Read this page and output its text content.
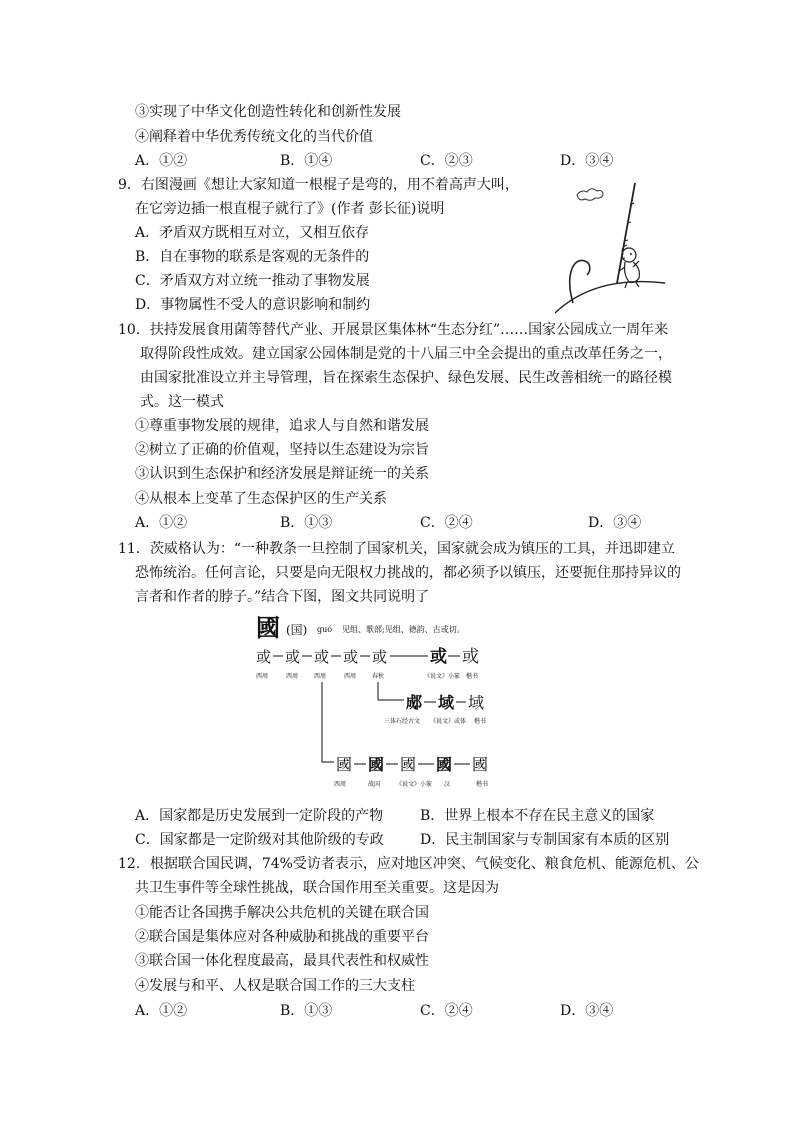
③实现了中华文化创造性转化和创新性发展
④阐释着中华优秀传统文化的当代价值
A．①②	B．①④	C．②③	D．③④
9．右图漫画《想让大家知道一根棍子是弯的，用不着高声大叫，
在它旁边插一根直棍子就行了》(作者 彭长征)说明
A．矛盾双方既相互对立，又相互依存
B．自在事物的联系是客观的无条件的
C．矛盾双方对立统一推动了事物发展
D．事物属性不受人的意识影响和制约
10．扶持发展食用菌等替代产业、开展景区集体林“生态分红”……国家公园成立一周年来
取得阶段性成效。建立国家公园体制是党的十八届三中全会提出的重点改革任务之一，
由国家批准设立并主导管理，旨在探索生态保护、绿色发展、民生改善相统一的路径模
式。这一模式
①尊重事物发展的规律，追求人与自然和谐发展
②树立了正确的价值观，坚持以生态建设为宗旨
③认识到生态保护和经济发展是辩证统一的关系
④从根本上变革了生态保护区的生产关系
A．①②	B．①③	C．②④	D．③④
11．茨威格认为：“一种教条一旦控制了国家机关，国家就会成为镇压的工具，并迅即建立
恐怖统治。任何言论，只要是向无限权力挑战的，都必须予以镇压，还要扼住那持异议的
言者和作者的脖子。”结合下图，图文共同说明了
國 (国) guó 见组、歌部;见组、德韵、古或切。
或 或 或 或 或	或 或
西周	西周	西周	西周	春秋	《说文》小篆 楷书
郕 域 域
三体石经古文 《说文》或体 楷书
國 國 國 國 國
西周	战国	《说文》小篆 汉	楷书
A．国家都是历史发展到一定阶段的产物	B．世界上根本不存在民主意义的国家
C．国家都是一定阶级对其他阶级的专政	D．民主制国家与专制国家有本质的区别
12．根据联合国民调，74%受访者表示，应对地区冲突、气候变化、粮食危机、能源危机、公
共卫生事件等全球性挑战，联合国作用至关重要。这是因为
①能否让各国携手解决公共危机的关键在联合国
②联合国是集体应对各种威胁和挑战的重要平台
③联合国一体化程度最高，最具代表性和权威性
④发展与和平、人权是联合国工作的三大支柱
A．①②	B．①③	C．②④	D．③④
